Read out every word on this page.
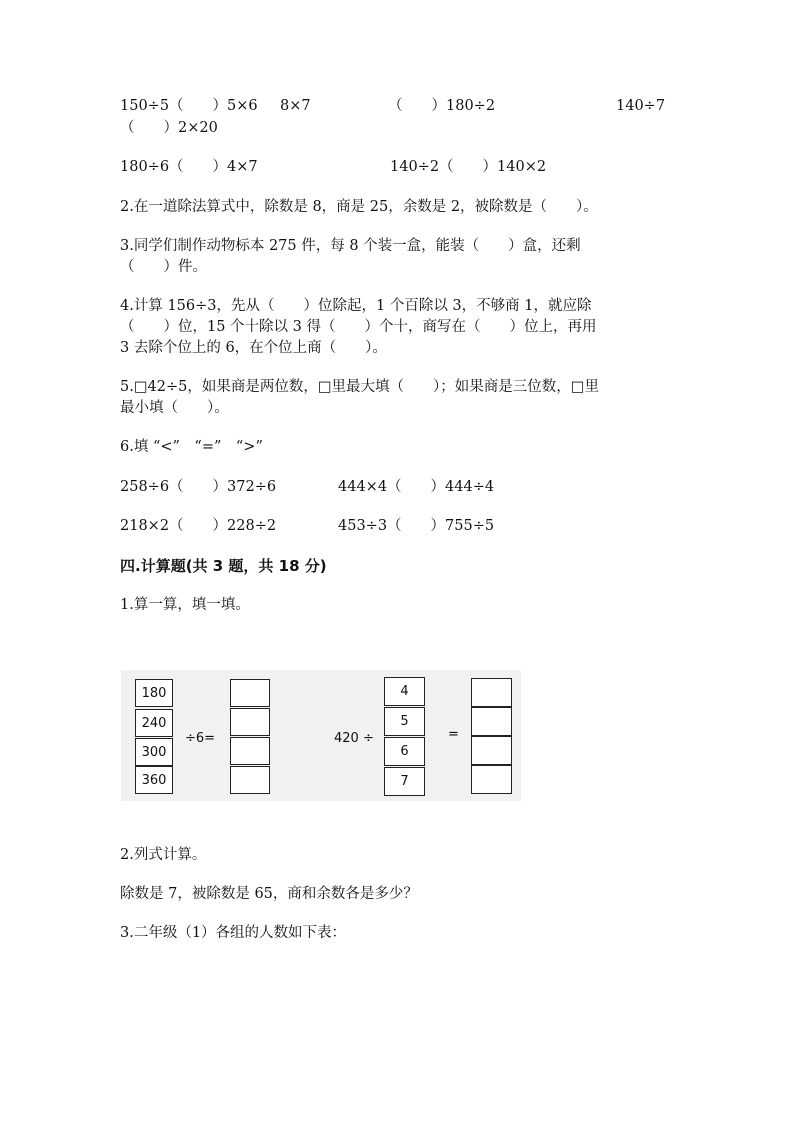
150÷5（　　）5×6 8×7	（　　）180÷2	140÷7
（　　）2×20
180÷6（　　）4×7	140÷2（　　）140×2
2.在一道除法算式中，除数是 8，商是 25，余数是 2，被除数是（　　）。
3.同学们制作动物标本 275 件，每 8 个装一盒，能装（　　）盒，还剩
（　　）件。
4.计算 156÷3，先从（　　）位除起，1 个百除以 3，不够商 1，就应除
（　　）位，15 个十除以 3 得（　　）个十，商写在（　　）位上，再用
3 去除个位上的 6，在个位上商（　　）。
5.□42÷5，如果商是两位数，□里最大填（　　）；如果商是三位数，□里
最小填（　　）。
6.填 “<”　“=”　“>”
258÷6（　　）372÷6	444×4（　　）444÷4
218×2（　　）228÷2	453÷3（　　）755÷5
四.计算题(共 3 题，共 18 分)
1.算一算，填一填。
180
240
300
360
÷6=	420 ÷
4
5
6
7
=
2.列式计算。
除数是 7，被除数是 65，商和余数各是多少？
3.二年级（1）各组的人数如下表：
